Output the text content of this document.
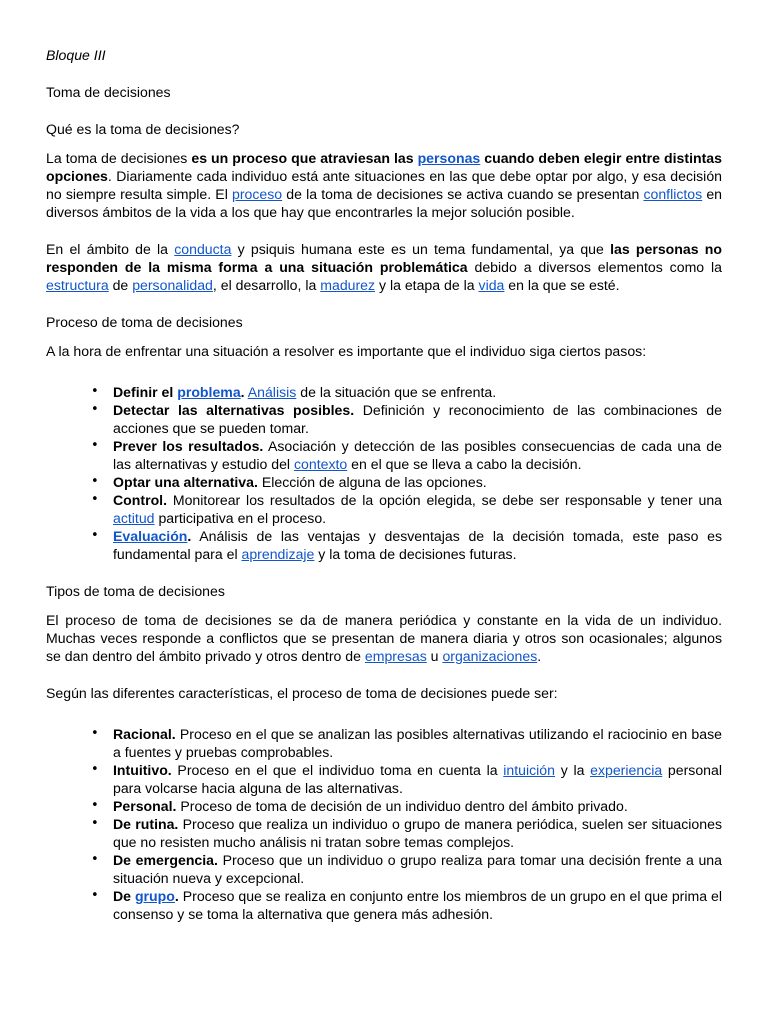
Bloque III

Toma de decisiones

Qué es la toma de decisiones?

La toma de decisiones es un proceso que atraviesan las personas cuando deben elegir entre distintas opciones. Diariamente cada individuo está ante situaciones en las que debe optar por algo, y esa decisión no siempre resulta simple. El proceso de la toma de decisiones se activa cuando se presentan conflictos en diversos ámbitos de la vida a los que hay que encontrarles la mejor solución posible.

En el ámbito de la conducta y psiquis humana este es un tema fundamental, ya que las personas no responden de la misma forma a una situación problemática debido a diversos elementos como la estructura de personalidad, el desarrollo, la madurez y la etapa de la vida en la que se esté.

Proceso de toma de decisiones

A la hora de enfrentar una situación a resolver es importante que el individuo siga ciertos pasos:

• Definir el problema. Análisis de la situación que se enfrenta.
• Detectar las alternativas posibles. Definición y reconocimiento de las combinaciones de acciones que se pueden tomar.
• Prever los resultados. Asociación y detección de las posibles consecuencias de cada una de las alternativas y estudio del contexto en el que se lleva a cabo la decisión.
• Optar una alternativa. Elección de alguna de las opciones.
• Control. Monitorear los resultados de la opción elegida, se debe ser responsable y tener una actitud participativa en el proceso.
• Evaluación. Análisis de las ventajas y desventajas de la decisión tomada, este paso es fundamental para el aprendizaje y la toma de decisiones futuras.

Tipos de toma de decisiones

El proceso de toma de decisiones se da de manera periódica y constante en la vida de un individuo. Muchas veces responde a conflictos que se presentan de manera diaria y otros son ocasionales; algunos se dan dentro del ámbito privado y otros dentro de empresas u organizaciones.

Según las diferentes características, el proceso de toma de decisiones puede ser:

• Racional. Proceso en el que se analizan las posibles alternativas utilizando el raciocinio en base a fuentes y pruebas comprobables.
• Intuitivo. Proceso en el que el individuo toma en cuenta la intuición y la experiencia personal para volcarse hacia alguna de las alternativas.
• Personal. Proceso de toma de decisión de un individuo dentro del ámbito privado.
• De rutina. Proceso que realiza un individuo o grupo de manera periódica, suelen ser situaciones que no resisten mucho análisis ni tratan sobre temas complejos.
• De emergencia. Proceso que un individuo o grupo realiza para tomar una decisión frente a una situación nueva y excepcional.
• De grupo. Proceso que se realiza en conjunto entre los miembros de un grupo en el que prima el consenso y se toma la alternativa que genera más adhesión.
